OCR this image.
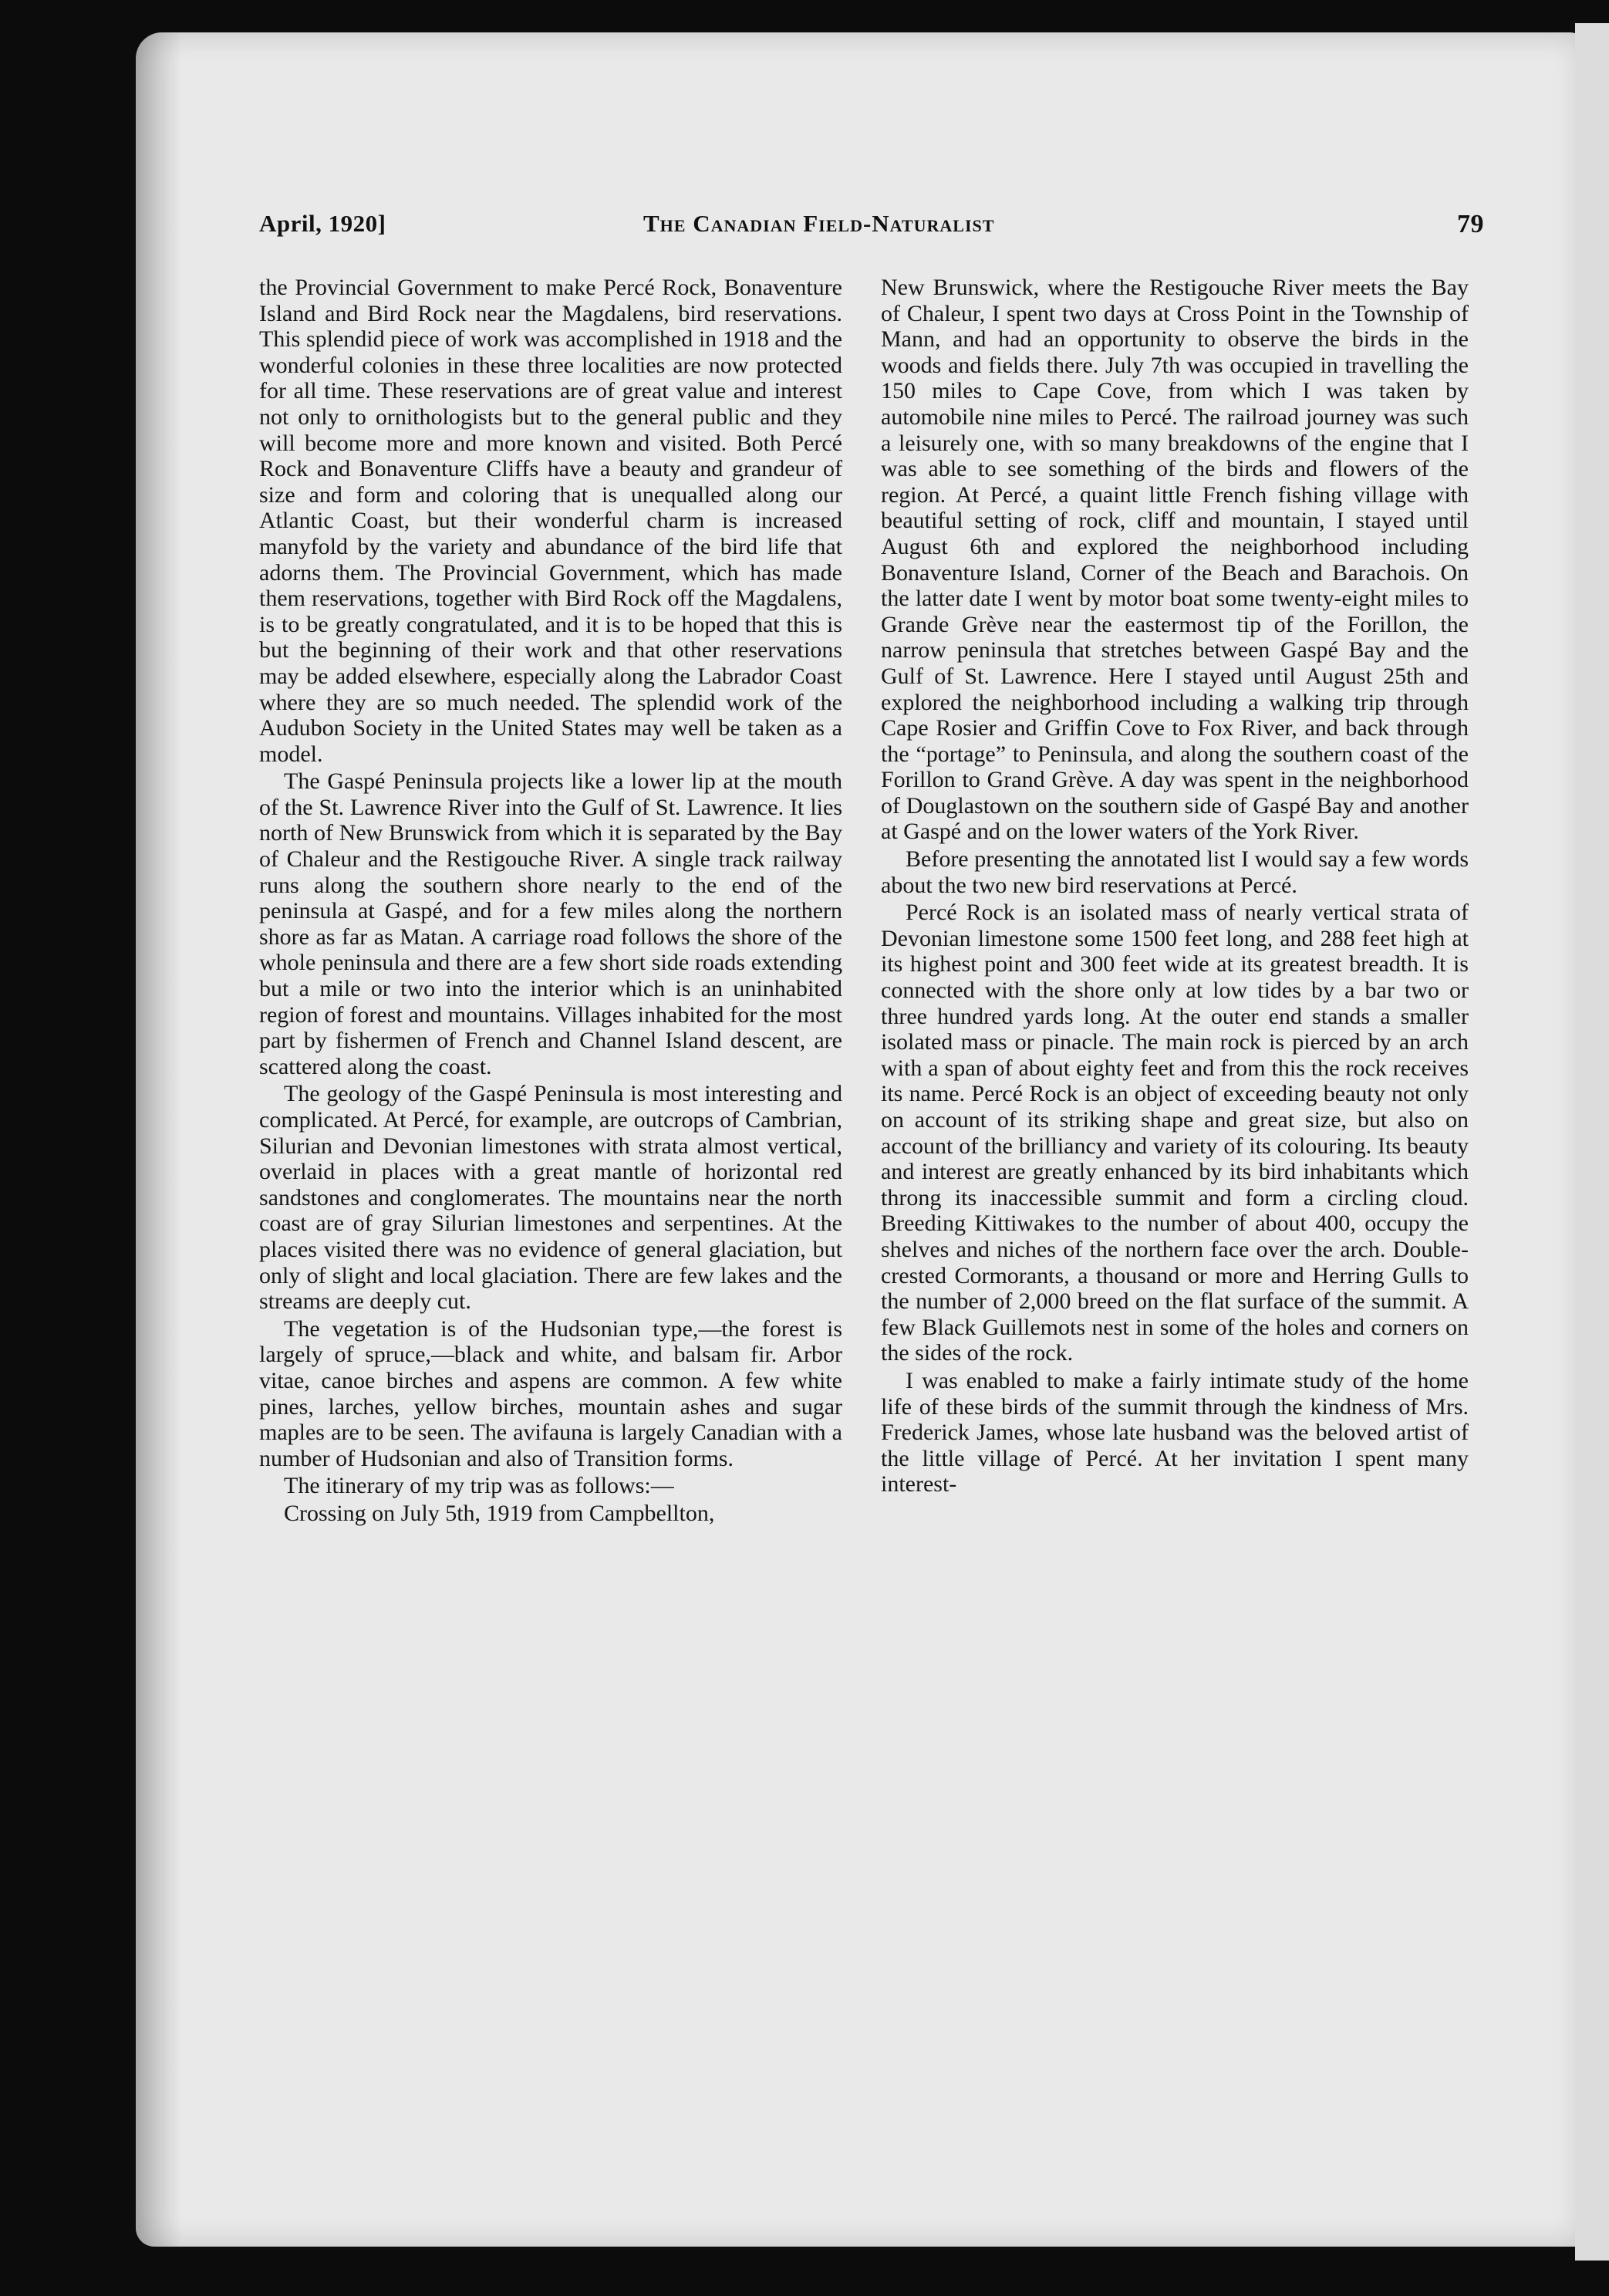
April, 1920]	The Canadian Field-Naturalist	79

the Provincial Government to make Percé Rock, Bonaventure Island and Bird Rock near the Magdalens, bird reservations. This splendid piece of work was accomplished in 1918 and the wonderful colonies in these three localities are now protected for all time. These reservations are of great value and interest not only to ornithologists but to the general public and they will become more and more known and visited. Both Percé Rock and Bonaventure Cliffs have a beauty and grandeur of size and form and coloring that is unequalled along our Atlantic Coast, but their wonderful charm is increased manyfold by the variety and abundance of the bird life that adorns them. The Provincial Government, which has made them reservations, together with Bird Rock off the Magdalens, is to be greatly congratulated, and it is to be hoped that this is but the beginning of their work and that other reservations may be added elsewhere, especially along the Labrador Coast where they are so much needed. The splendid work of the Audubon Society in the United States may well be taken as a model.

The Gaspé Peninsula projects like a lower lip at the mouth of the St. Lawrence River into the Gulf of St. Lawrence. It lies north of New Brunswick from which it is separated by the Bay of Chaleur and the Restigouche River. A single track railway runs along the southern shore nearly to the end of the peninsula at Gaspé, and for a few miles along the northern shore as far as Matan. A carriage road follows the shore of the whole peninsula and there are a few short side roads extending but a mile or two into the interior which is an uninhabited region of forest and mountains. Villages inhabited for the most part by fishermen of French and Channel Island descent, are scattered along the coast.

The geology of the Gaspé Peninsula is most interesting and complicated. At Percé, for example, are outcrops of Cambrian, Silurian and Devonian limestones with strata almost vertical, overlaid in places with a great mantle of horizontal red sandstones and conglomerates. The mountains near the north coast are of gray Silurian limestones and serpentines. At the places visited there was no evidence of general glaciation, but only of slight and local glaciation. There are few lakes and the streams are deeply cut.

The vegetation is of the Hudsonian type,—the forest is largely of spruce,—black and white, and balsam fir. Arbor vitae, canoe birches and aspens are common. A few white pines, larches, yellow birches, mountain ashes and sugar maples are to be seen. The avifauna is largely Canadian with a number of Hudsonian and also of Transition forms.

The itinerary of my trip was as follows:—

Crossing on July 5th, 1919 from Campbellton,

New Brunswick, where the Restigouche River meets the Bay of Chaleur, I spent two days at Cross Point in the Township of Mann, and had an opportunity to observe the birds in the woods and fields there. July 7th was occupied in travelling the 150 miles to Cape Cove, from which I was taken by automobile nine miles to Percé. The railroad journey was such a leisurely one, with so many breakdowns of the engine that I was able to see something of the birds and flowers of the region. At Percé, a quaint little French fishing village with beautiful setting of rock, cliff and mountain, I stayed until August 6th and explored the neighborhood including Bonaventure Island, Corner of the Beach and Barachois. On the latter date I went by motor boat some twenty-eight miles to Grande Grève near the eastermost tip of the Forillon, the narrow peninsula that stretches between Gaspé Bay and the Gulf of St. Lawrence. Here I stayed until August 25th and explored the neighborhood including a walking trip through Cape Rosier and Griffin Cove to Fox River, and back through the “portage” to Peninsula, and along the southern coast of the Forillon to Grand Grève. A day was spent in the neighborhood of Douglastown on the southern side of Gaspé Bay and another at Gaspé and on the lower waters of the York River.

Before presenting the annotated list I would say a few words about the two new bird reservations at Percé.

Percé Rock is an isolated mass of nearly vertical strata of Devonian limestone some 1500 feet long, and 288 feet high at its highest point and 300 feet wide at its greatest breadth. It is connected with the shore only at low tides by a bar two or three hundred yards long. At the outer end stands a smaller isolated mass or pinacle. The main rock is pierced by an arch with a span of about eighty feet and from this the rock receives its name. Percé Rock is an object of exceeding beauty not only on account of its striking shape and great size, but also on account of the brilliancy and variety of its colouring. Its beauty and interest are greatly enhanced by its bird inhabitants which throng its inaccessible summit and form a circling cloud. Breeding Kittiwakes to the number of about 400, occupy the shelves and niches of the northern face over the arch. Double-crested Cormorants, a thousand or more and Herring Gulls to the number of 2,000 breed on the flat surface of the summit. A few Black Guillemots nest in some of the holes and corners on the sides of the rock.

I was enabled to make a fairly intimate study of the home life of these birds of the summit through the kindness of Mrs. Frederick James, whose late husband was the beloved artist of the little village of Percé. At her invitation I spent many interest-
